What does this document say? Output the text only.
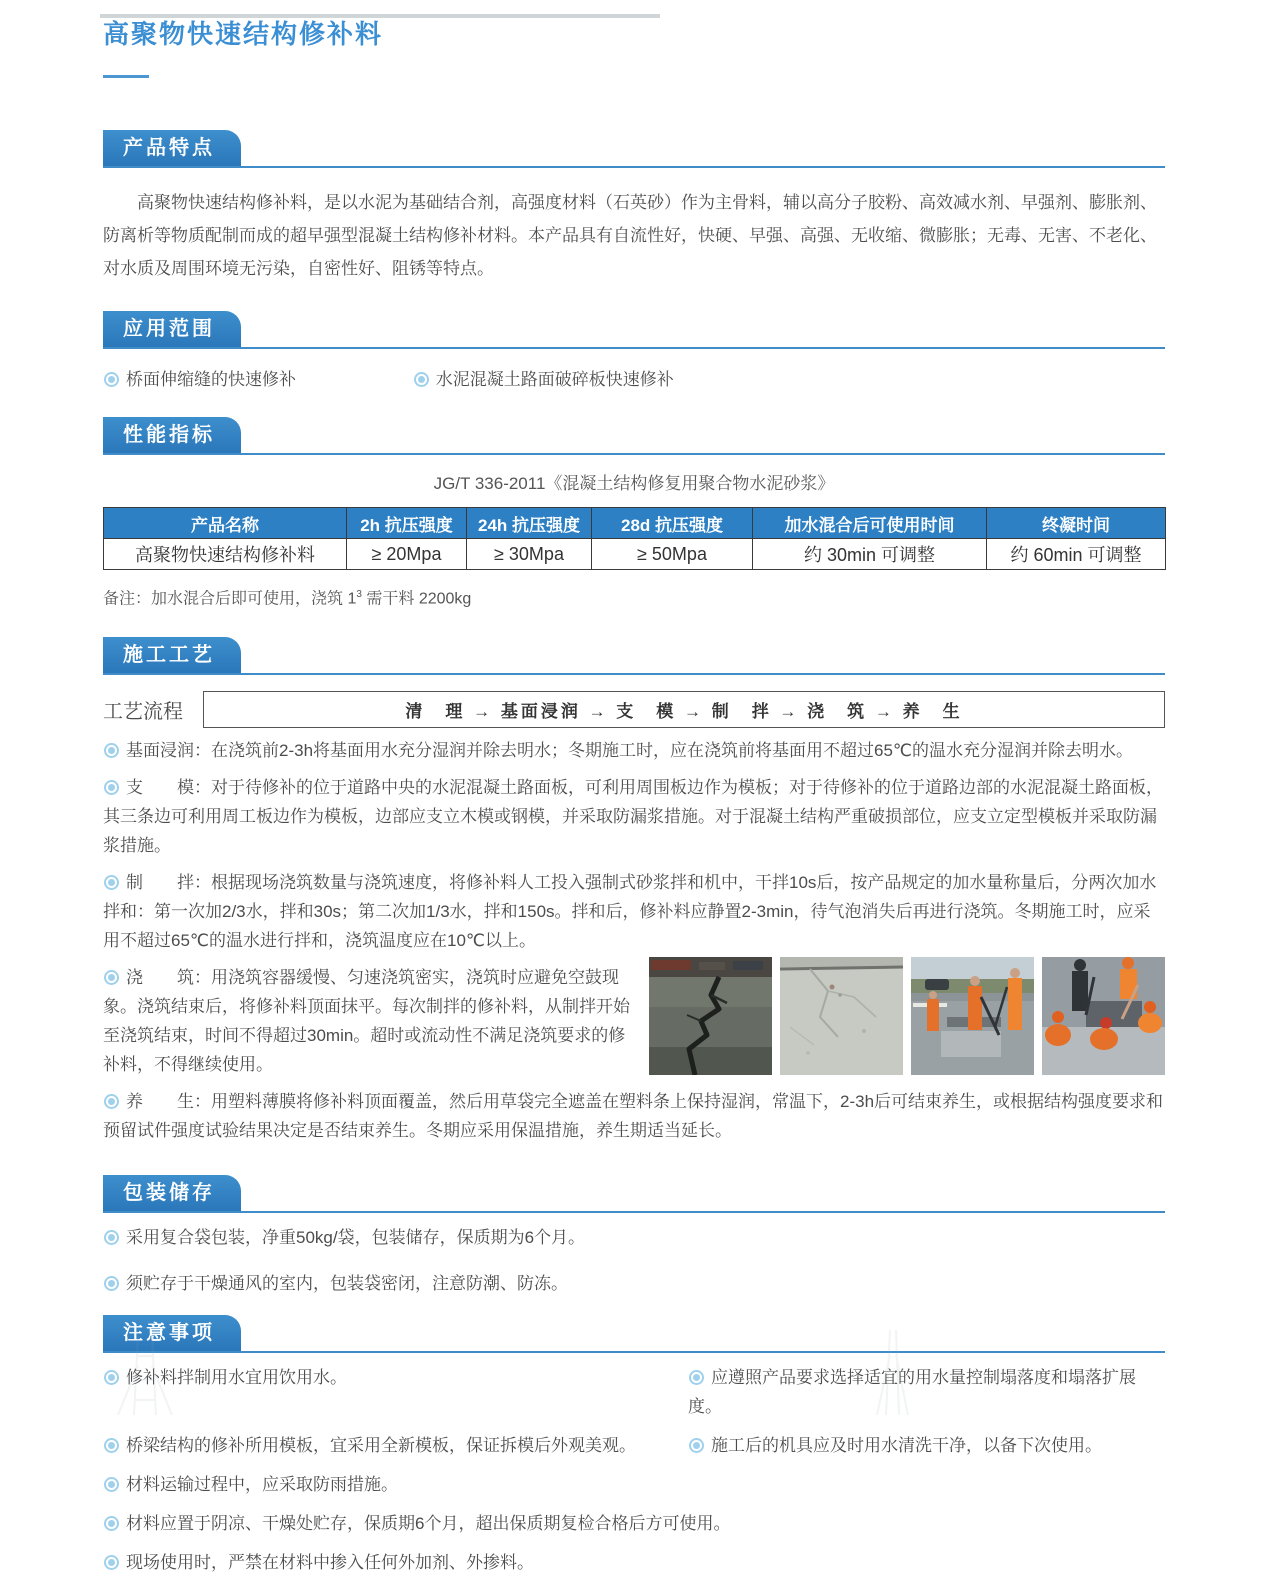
高聚物快速结构修补料
产品特点

高聚物快速结构修补料，是以水泥为基础结合剂，高强度材料（石英砂）作为主骨料，辅以高分子胶粉、高效减水剂、早强剂、膨胀剂、防离析等物质配制而成的超早强型混凝土结构修补材料。本产品具有自流性好，快硬、早强、高强、无收缩、微膨胀；无毒、无害、不老化、对水质及周围环境无污染，自密性好、阻锈等特点。

应用范围
桥面伸缩缝的快速修补	水泥混凝土路面破碎板快速修补
性能指标
JG/T 336-2011《混凝土结构修复用聚合物水泥砂浆》
产品名称	2h 抗压强度	24h 抗压强度	28d 抗压强度	加水混合后可使用时间	终凝时间
高聚物快速结构修补料	≥ 20Mpa	≥ 30Mpa	≥ 50Mpa	约 30min 可调整	约 60min 可调整
备注：加水混合后即可使用，浇筑 $1^3$ 需干料 2200kg
施工工艺
工艺流程	清　理 → 基面浸润 → 支　模 → 制　拌 → 浇　筑 → 养　生

基面浸润：在浇筑前2-3h将基面用水充分湿润并除去明水；冬期施工时，应在浇筑前将基面用不超过65℃的温水充分湿润并除去明水。

支　　模：对于待修补的位于道路中央的水泥混凝土路面板，可利用周围板边作为模板；对于待修补的位于道路边部的水泥混凝土路面板，其三条边可利用周工板边作为模板，边部应支立木模或钢模，并采取防漏浆措施。对于混凝土结构严重破损部位，应支立定型模板并采取防漏浆措施。

制　　拌：根据现场浇筑数量与浇筑速度，将修补料人工投入强制式砂浆拌和机中，干拌10s后，按产品规定的加水量称量后，分两次加水拌和：第一次加2/3水，拌和30s；第二次加1/3水，拌和150s。拌和后，修补料应静置2-3min，待气泡消失后再进行浇筑。冬期施工时，应采用不超过65℃的温水进行拌和，浇筑温度应在10℃以上。

浇　　筑：用浇筑容器缓慢、匀速浇筑密实，浇筑时应避免空鼓现象。浇筑结束后，将修补料顶面抹平。每次制拌的修补料，从制拌开始至浇筑结束，时间不得超过30min。超时或流动性不满足浇筑要求的修补料，不得继续使用。

养　　生：用塑料薄膜将修补料顶面覆盖，然后用草袋完全遮盖在塑料条上保持湿润，常温下，2-3h后可结束养生，或根据结构强度要求和预留试件强度试验结果决定是否结束养生。冬期应采用保温措施，养生期适当延长。

包装储存

采用复合袋包装，净重50kg/袋，包装储存，保质期为6个月。

须贮存于干燥通风的室内，包装袋密闭，注意防潮、防冻。

注意事项
修补料拌制用水宜用饮用水。	应遵照产品要求选择适宜的用水量控制塌落度和塌落扩展度。
桥梁结构的修补所用模板，宜采用全新模板，保证拆模后外观美观。	施工后的机具应及时用水清洗干净，以备下次使用。
材料运输过程中，应采取防雨措施。
材料应置于阴凉、干燥处贮存，保质期6个月，超出保质期复检合格后方可使用。
现场使用时，严禁在材料中掺入任何外加剂、外掺料。
